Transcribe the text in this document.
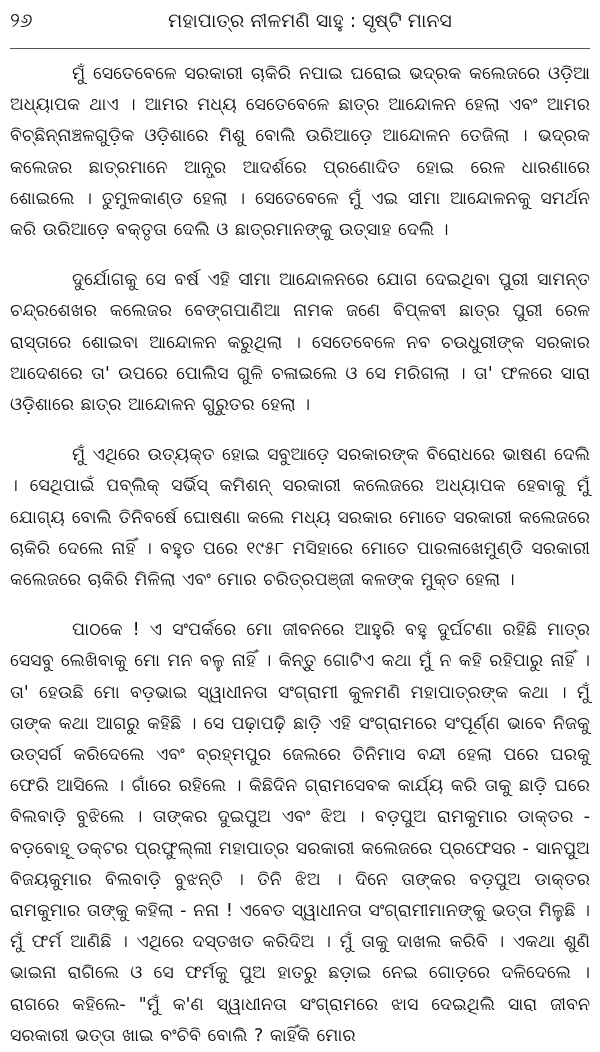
୨୬	ମହାପାତ୍ର ନୀଳମଣି ସାହୁ : ସୃଷ୍ଟି ମାନସ

ମୁଁ ସେତେବେଳେ ସରକାରୀ ଚାକିରି ନପାଇ ଘରୋଇ ଭଦ୍ରକ କଲେଜରେ ଓଡ଼ିଆ ଅଧ୍ୟାପକ ଥାଏ । ଆମର ମଧ୍ୟ ସେତେବେଳେ ଛାତ୍ର ଆନ୍ଦୋଳନ ହେଲା ଏବଂ ଆମର ବିଚ୍ଛିନ୍ନାଞ୍ଚଳଗୁଡ଼ିକ ଓଡ଼ିଶାରେ ମିଶୁ ବୋଲି ଉରିଆଡ଼େ ଆନ୍ଦୋଳନ ତେଜିଲା । ଭଦ୍ରକ କଲେଜର ଛାତ୍ରମାନେ ଆନ୍ଧ୍ର ଆଦର୍ଶରେ ପ୍ରଣୋଦିତ ହୋଇ ରେଳ ଧାରଣାରେ ଶୋଇଲେ । ତୁମୁଳକାଣ୍ଡ ହେଲା । ସେତେବେଳେ ମୁଁ ଏଇ ସୀମା ଆନ୍ଦୋଳନକୁ ସମର୍ଥନ କରି ଉରିଆଡ଼େ ବକ୍ତୃତା ଦେଲି ଓ ଛାତ୍ରମାନଙ୍କୁ ଉତ୍ସାହ ଦେଲି ।

ଦୁର୍ଯୋଗକୁ ସେ ବର୍ଷ ଏହି ସୀମା ଆନ୍ଦୋଳନରେ ଯୋଗ ଦେଇଥିବା ପୁରୀ ସାମନ୍ତ ଚନ୍ଦ୍ରଶେଖର କଲେଜର ବେଙ୍ଗପାଣିଆ ନାମକ ଜଣେ ବିପ୍ଳବୀ ଛାତ୍ର ପୁରୀ ରେଳ ରାସ୍ତାରେ ଶୋଇବା ଆନ୍ଦୋଳନ କରୁଥିଲା । ସେତେବେଳେ ନବ ଚଉଧୁରୀଙ୍କ ସରକାର ଆଦେଶରେ ତା' ଉପରେ ପୋଲିସ ଗୁଳି ଚଳାଇଲେ ଓ ସେ ମରିଗଲା । ତା' ଫଳରେ ସାରା ଓଡ଼ିଶାରେ ଛାତ୍ର ଆନ୍ଦୋଳନ ଗୁରୁତର ହେଲା ।

ମୁଁ ଏଥିରେ ଉତ୍ୟକ୍ତ ହୋଇ ସବୁଆଡ଼େ ସରକାରଙ୍କ ବିରୋଧରେ ଭାଷଣ ଦେଲି । ସେଥିପାଇଁ ପବ୍ଲିକ୍ ସର୍ଭିସ୍ କମିଶନ୍ ସରକାରୀ କଲେଜରେ ଅଧ୍ୟାପକ ହେବାକୁ ମୁଁ ଯୋଗ୍ୟ ବୋଲି ତିନିବର୍ଷେ ଘୋଷଣା କଲେ ମଧ୍ୟ ସରକାର ମୋତେ ସରକାରୀ କଲେଜରେ ଚାକିରି ଦେଲେ ନାହିଁ । ବହୁତ ପରେ ୧୯୫୮ ମସିହାରେ ମୋତେ ପାରଳାଖେମୁଣ୍ଡି ସରକାରୀ କଲେଜରେ ଚାକିରି ମିଳିଲା ଏବଂ ମୋର ଚରିତ୍ରପଞ୍ଜୀ କଳଙ୍କ ମୁକ୍ତ ହେଲା ।

ପାଠକେ ! ଏ ସଂପର୍କରେ ମୋ ଜୀବନରେ ଆହୁରି ବହୁ ଦୁର୍ଘଟଣା ରହିଛି ମାତ୍ର ସେସବୁ ଲେଖିବାକୁ ମୋ ମନ ବଳୁ ନାହିଁ । କିନ୍ତୁ ଗୋଟିଏ କଥା ମୁଁ ନ କହି ରହିପାରୁ ନାହିଁ । ତା' ହେଉଛି ମୋ ବଡ଼ଭାଇ ସ୍ୱାଧୀନତା ସଂଗ୍ରାମୀ କୁଳମଣି ମହାପାତ୍ରଙ୍କ କଥା । ମୁଁ ତାଙ୍କ କଥା ଆଗରୁ କହିଛି । ସେ ପଢ଼ାପଢ଼ି ଛାଡ଼ି ଏହି ସଂଗ୍ରାମରେ ସଂପୂର୍ଣ୍ଣ ଭାବେ ନିଜକୁ ଉତ୍ସର୍ଗ କରିଦେଲେ ଏବଂ ବ୍ରହ୍ମପୁର ଜେଲରେ ତିନିମାସ ବନ୍ଦୀ ହେଲା ପରେ ଘରକୁ ଫେରି ଆସିଲେ । ଗାଁରେ ରହିଲେ । କିଛିଦିନ ଗ୍ରାମସେବକ କାର୍ଯ୍ୟ କରି ତାକୁ ଛାଡ଼ି ଘରେ ବିଲବାଡ଼ି ବୁଝିଲେ । ତାଙ୍କର ଦୁଇପୁଅ ଏବଂ ଝିଅ । ବଡ଼ପୁଅ ରାମକୁମାର ଡାକ୍ତର - ବଡ଼ବୋହୂ ଡକ୍ଟର ପ୍ରଫୁଲ୍ଲୀ ମହାପାତ୍ର ସରକାରୀ କଲେଜରେ ପ୍ରଫେସର - ସାନପୁଅ ବିଜୟକୁମାର ବିଲବାଡ଼ି ବୁଝନ୍ତି । ତିନି ଝିଅ । ଦିନେ ତାଙ୍କର ବଡ଼ପୁଅ ଡାକ୍ତର ରାମକୁମାର ତାଙ୍କୁ କହିଲା - ନନା ! ଏବେତ ସ୍ୱାଧୀନତା ସଂଗ୍ରାମୀମାନଙ୍କୁ ଭତ୍ତା ମିଳୁଛି । ମୁଁ ଫର୍ମ ଆଣିଛି । ଏଥିରେ ଦସ୍ତଖତ କରିଦିଅ । ମୁଁ ତାକୁ ଦାଖଲ କରିବି । ଏକଥା ଶୁଣି ଭାଇନା ରାଗିଲେ ଓ ସେ ଫର୍ମକୁ ପୁଅ ହାତରୁ ଛଡ଼ାଇ ନେଇ ଗୋଡ଼ରେ ଦଳିଦେଲେ । ରାଗରେ କହିଲେ- "ମୁଁ କ'ଣ ସ୍ୱାଧୀନତା ସଂଗ୍ରାମରେ ଝାସ ଦେଇଥିଲି ସାରା ଜୀବନ ସରକାରୀ ଭତ୍ତା ଖାଇ ବଂଚିବି ବୋଲି ? କାହିଁକି ମୋର
